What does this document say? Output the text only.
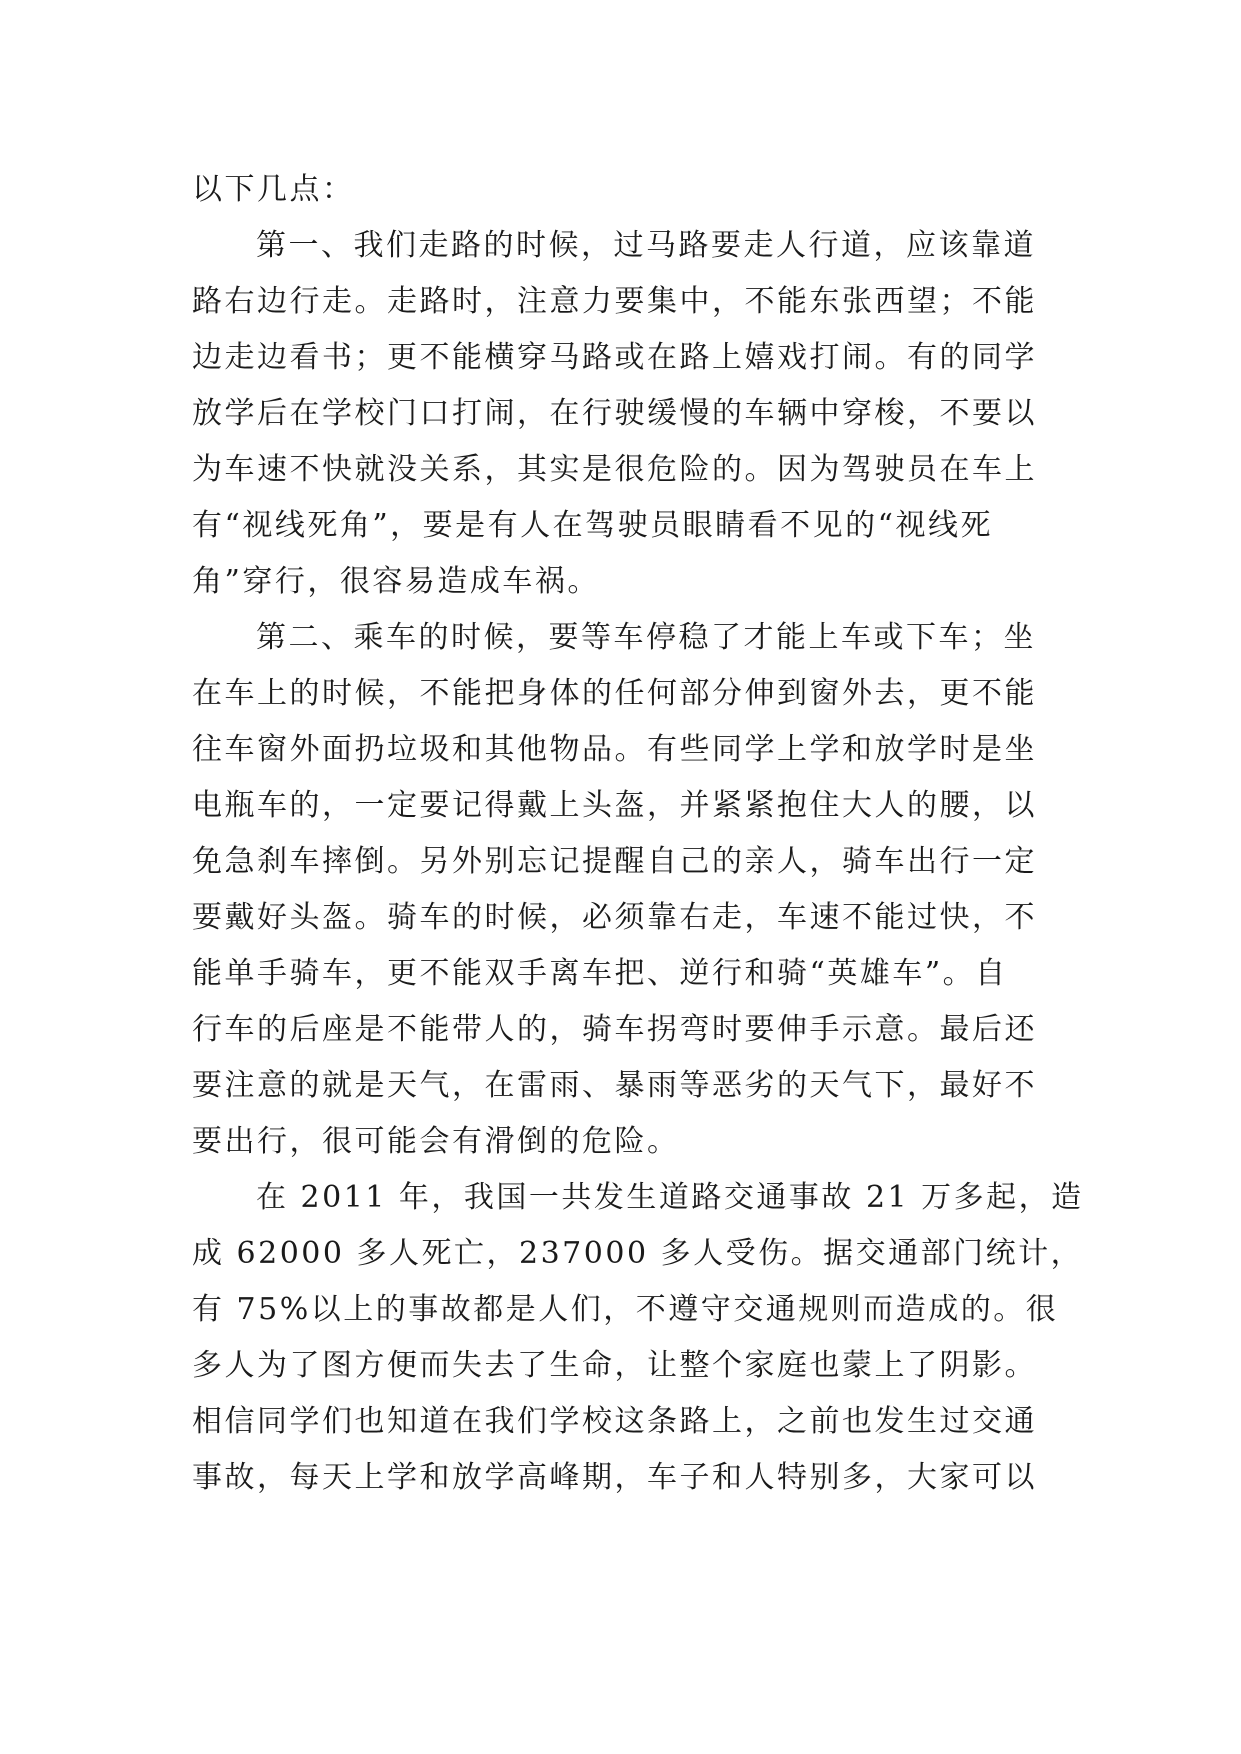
以下几点：
第一、我们走路的时候，过马路要走人行道，应该靠道
路右边行走。走路时，注意力要集中，不能东张西望；不能
边走边看书；更不能横穿马路或在路上嬉戏打闹。有的同学
放学后在学校门口打闹，在行驶缓慢的车辆中穿梭，不要以
为车速不快就没关系，其实是很危险的。因为驾驶员在车上
有“视线死角”，要是有人在驾驶员眼睛看不见的“视线死
角”穿行，很容易造成车祸。
第二、乘车的时候，要等车停稳了才能上车或下车；坐
在车上的时候，不能把身体的任何部分伸到窗外去，更不能
往车窗外面扔垃圾和其他物品。有些同学上学和放学时是坐
电瓶车的，一定要记得戴上头盔，并紧紧抱住大人的腰，以
免急刹车摔倒。另外别忘记提醒自己的亲人，骑车出行一定
要戴好头盔。骑车的时候，必须靠右走，车速不能过快，不
能单手骑车，更不能双手离车把、逆行和骑“英雄车”。自
行车的后座是不能带人的，骑车拐弯时要伸手示意。最后还
要注意的就是天气，在雷雨、暴雨等恶劣的天气下，最好不
要出行，很可能会有滑倒的危险。
在 2011 年，我国一共发生道路交通事故 21 万多起，造
成 62000 多人死亡，237000 多人受伤。据交通部门统计，
有 75%以上的事故都是人们，不遵守交通规则而造成的。很
多人为了图方便而失去了生命，让整个家庭也蒙上了阴影。
相信同学们也知道在我们学校这条路上，之前也发生过交通
事故，每天上学和放学高峰期，车子和人特别多，大家可以
